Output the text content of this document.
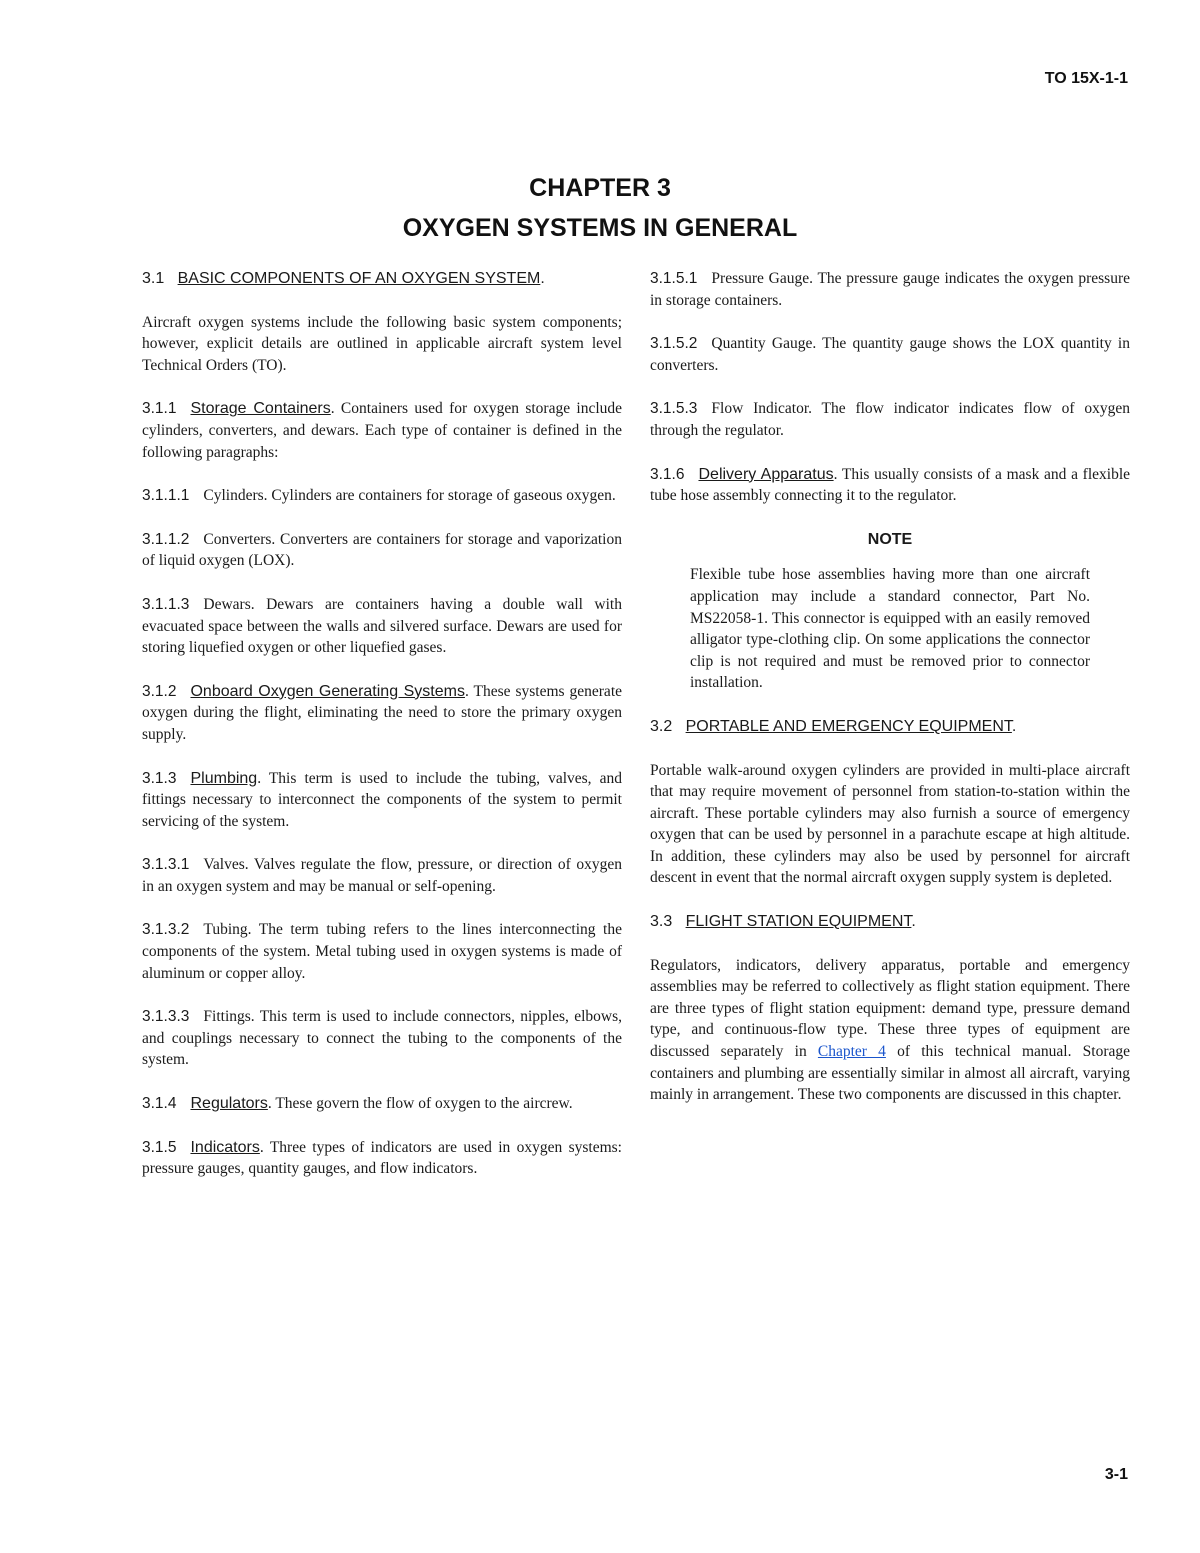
TO 15X-1-1
CHAPTER 3
OXYGEN SYSTEMS IN GENERAL
3.1 BASIC COMPONENTS OF AN OXYGEN SYSTEM.

Aircraft oxygen systems include the following basic system components; however, explicit details are outlined in applicable aircraft system level Technical Orders (TO).

3.1.1 Storage Containers. Containers used for oxygen storage include cylinders, converters, and dewars. Each type of container is defined in the following paragraphs:

3.1.1.1 Cylinders. Cylinders are containers for storage of gaseous oxygen.

3.1.1.2 Converters. Converters are containers for storage and vaporization of liquid oxygen (LOX).

3.1.1.3 Dewars. Dewars are containers having a double wall with evacuated space between the walls and silvered surface. Dewars are used for storing liquefied oxygen or other liquefied gases.

3.1.2 Onboard Oxygen Generating Systems. These systems generate oxygen during the flight, eliminating the need to store the primary oxygen supply.

3.1.3 Plumbing. This term is used to include the tubing, valves, and fittings necessary to interconnect the components of the system to permit servicing of the system.

3.1.3.1 Valves. Valves regulate the flow, pressure, or direction of oxygen in an oxygen system and may be manual or self-opening.

3.1.3.2 Tubing. The term tubing refers to the lines interconnecting the components of the system. Metal tubing used in oxygen systems is made of aluminum or copper alloy.

3.1.3.3 Fittings. This term is used to include connectors, nipples, elbows, and couplings necessary to connect the tubing to the components of the system.

3.1.4 Regulators. These govern the flow of oxygen to the aircrew.

3.1.5 Indicators. Three types of indicators are used in oxygen systems: pressure gauges, quantity gauges, and flow indicators.

3.1.5.1 Pressure Gauge. The pressure gauge indicates the oxygen pressure in storage containers.

3.1.5.2 Quantity Gauge. The quantity gauge shows the LOX quantity in converters.

3.1.5.3 Flow Indicator. The flow indicator indicates flow of oxygen through the regulator.

3.1.6 Delivery Apparatus. This usually consists of a mask and a flexible tube hose assembly connecting it to the regulator.

NOTE

Flexible tube hose assemblies having more than one aircraft application may include a standard connector, Part No. MS22058-1. This connector is equipped with an easily removed alligator type-clothing clip. On some applications the connector clip is not required and must be removed prior to connector installation.

3.2 PORTABLE AND EMERGENCY EQUIPMENT.

Portable walk-around oxygen cylinders are provided in multi-place aircraft that may require movement of personnel from station-to-station within the aircraft. These portable cylinders may also furnish a source of emergency oxygen that can be used by personnel in a parachute escape at high altitude. In addition, these cylinders may also be used by personnel for aircraft descent in event that the normal aircraft oxygen supply system is depleted.

3.3 FLIGHT STATION EQUIPMENT.

Regulators, indicators, delivery apparatus, portable and emergency assemblies may be referred to collectively as flight station equipment. There are three types of flight station equipment: demand type, pressure demand type, and continuous-flow type. These three types of equipment are discussed separately in Chapter 4 of this technical manual. Storage containers and plumbing are essentially similar in almost all aircraft, varying mainly in arrangement. These two components are discussed in this chapter.

3-1
